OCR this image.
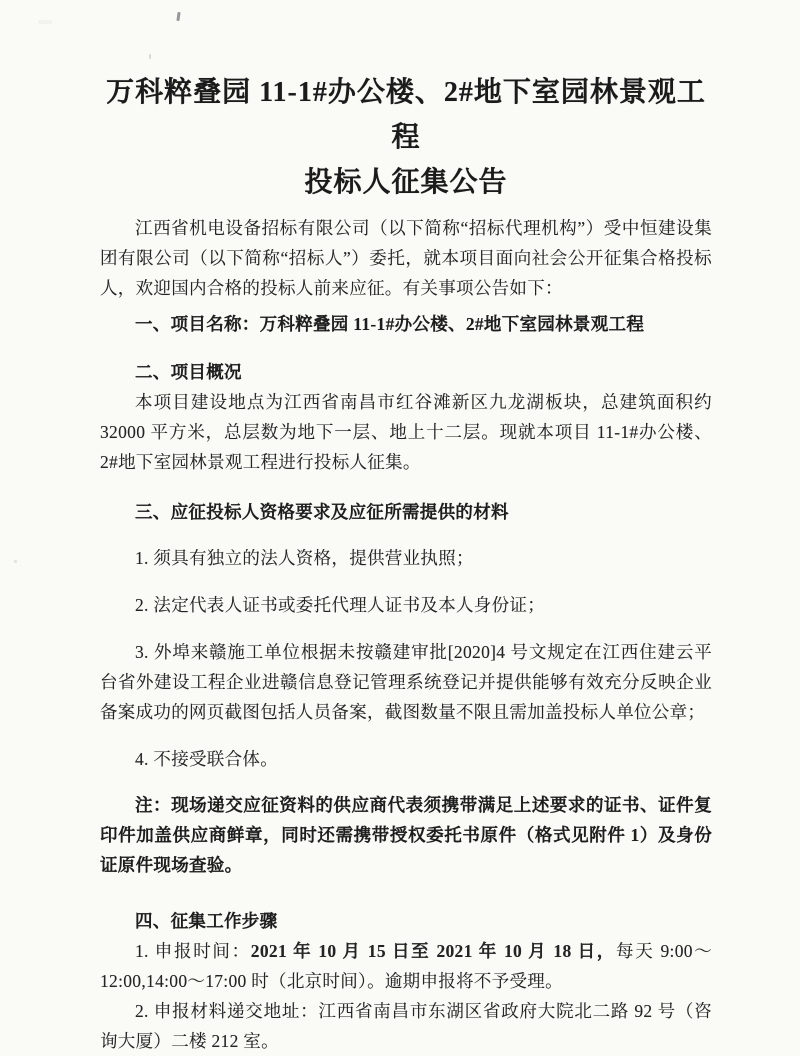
万科粹叠园 11-1#办公楼、2#地下室园林景观工程
投标人征集公告

江西省机电设备招标有限公司（以下简称“招标代理机构”）受中恒建设集团有限公司（以下简称“招标人”）委托，就本项目面向社会公开征集合格投标人，欢迎国内合格的投标人前来应征。有关事项公告如下：

一、项目名称：万科粹叠园 11-1#办公楼、2#地下室园林景观工程

二、项目概况

本项目建设地点为江西省南昌市红谷滩新区九龙湖板块，总建筑面积约 32000 平方米，总层数为地下一层、地上十二层。现就本项目 11-1#办公楼、2#地下室园林景观工程进行投标人征集。

三、应征投标人资格要求及应征所需提供的材料

1. 须具有独立的法人资格，提供营业执照；

2. 法定代表人证书或委托代理人证书及本人身份证；

3. 外埠来赣施工单位根据未按赣建审批[2020]4 号文规定在江西住建云平台省外建设工程企业进赣信息登记管理系统登记并提供能够有效充分反映企业备案成功的网页截图包括人员备案，截图数量不限且需加盖投标人单位公章；

4. 不接受联合体。

注：现场递交应征资料的供应商代表须携带满足上述要求的证书、证件复印件加盖供应商鲜章，同时还需携带授权委托书原件（格式见附件 1）及身份证原件现场查验。

四、征集工作步骤

1. 申报时间：2021 年 10 月 15 日至 2021 年 10 月 18 日，每天 9:00～12:00,14:00～17:00 时（北京时间）。逾期申报将不予受理。

2. 申报材料递交地址：江西省南昌市东湖区省政府大院北二路 92 号（咨询大厦）二楼 212 室。
